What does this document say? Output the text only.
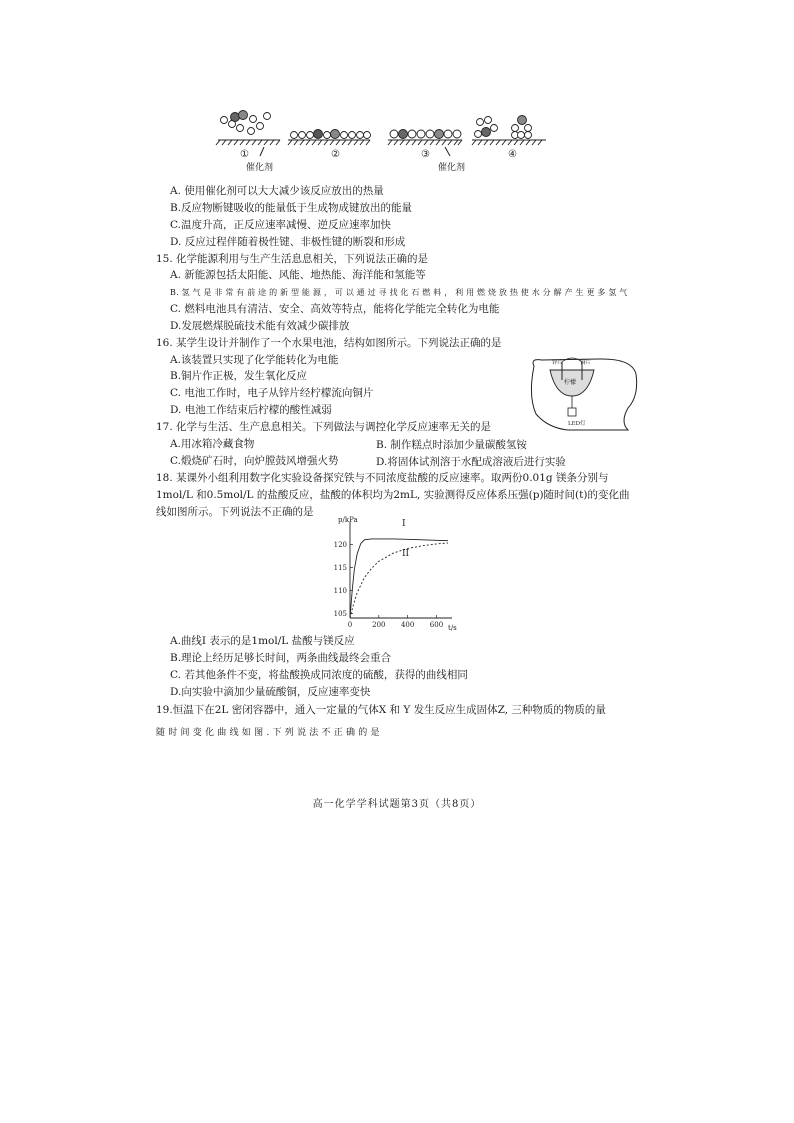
①	②	③	④
催化剂	催化剂
A. 使用催化剂可以大大减少该反应放出的热量
B.反应物断键吸收的能量低于生成物成键放出的能量
C.温度升高，正反应速率减慢、逆反应速率加快
D. 反应过程伴随着极性键、非极性键的断裂和形成
15. 化学能源利用与生产生活息息相关，下列说法正确的是
A. 新能源包括太阳能、风能、地热能、海洋能和氢能等
B. 氢 气 是 非 常 有 前 途 的 新 型 能 源 ， 可 以 通 过 寻 找 化 石 燃 料 ， 利 用 燃 烧 放 热 使 水 分 解 产 生 更 多 氢 气
C. 燃料电池具有清洁、安全、高效等特点，能将化学能完全转化为电能
D.发展燃煤脱硫技术能有效减少碳排放
16. 某学生设计并制作了一个水果电池，结构如图所示。下列说法正确的是
A.该装置只实现了化学能转化为电能
B.铜片作正极，发生氧化反应
C. 电池工作时，电子从锌片经柠檬流向铜片
D. 电池工作结束后柠檬的酸性减弱
锌片	铜片
柠檬
LED灯
17. 化学与生活、生产息息相关。下列做法与调控化学反应速率无关的是
A.用冰箱冷藏食物	B. 制作糕点时添加少量碳酸氢铵
C.煅烧矿石时，向炉膛鼓风增强火势	D.将固体试剂溶于水配成溶液后进行实验
18. 某课外小组利用数字化实验设备探究铁与不同浓度盐酸的反应速率。取两份0.01g 镁条分别与
1mol/L 和0.5mol/L 的盐酸反应，盐酸的体积均为2mL, 实验测得反应体系压强(p)随时间(t)的变化曲
线如图所示。下列说法不正确的是
0	200 400 600
105
110
115
120
p/kPa
t/s
I
II
A.曲线I 表示的是1mol/L 盐酸与镁反应
B.理论上经历足够长时间，两条曲线最终会重合
C. 若其他条件不变，将盐酸换成同浓度的硫酸，获得的曲线相同
D.向实验中滴加少量硫酸铜，反应速率变快
19.恒温下在2L 密闭容器中，通入一定量的气体X 和 Y 发生反应生成固体Z, 三种物质的物质的量
随 时 间 变 化 曲 线 如 图 . 下 列 说 法 不 正 确 的 是
高一化学学科试题第3页（共8页）
